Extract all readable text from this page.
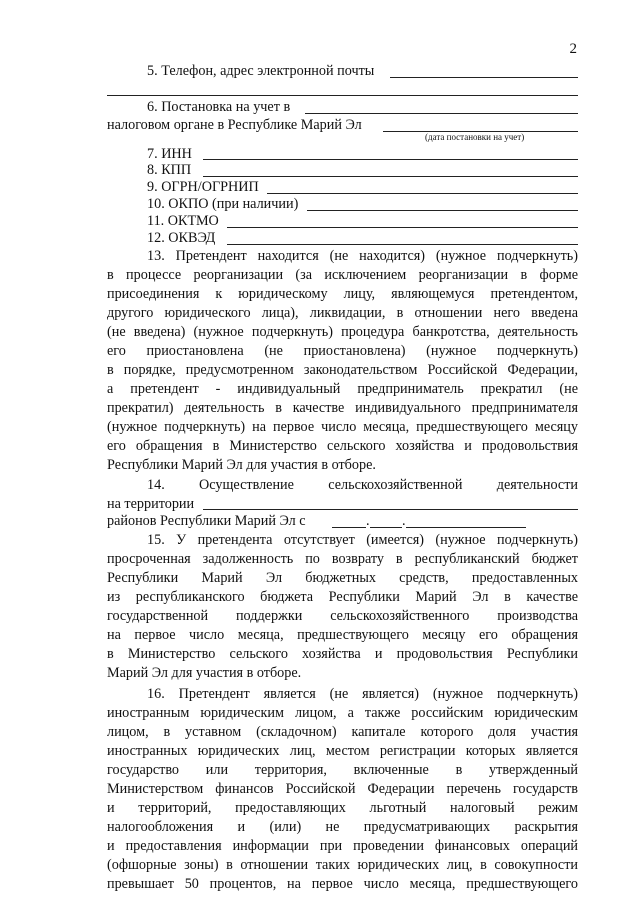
2
5. Телефон, адрес электронной почты
6. Постановка на учет в
налоговом органе в Республике Марий Эл
(дата постановки на учет)
7. ИНН
8. КПП
9. ОГРН/ОГРНИП
10. ОКПО (при наличии)
11. ОКТМО
12. ОКВЭД
13. Претендент находится (не находится) (нужное подчеркнуть)
в процессе реорганизации (за исключением реорганизации в форме
присоединения к юридическому лицу, являющемуся претендентом,
другого юридического лица), ликвидации, в отношении него введена
(не введена) (нужное подчеркнуть) процедура банкротства, деятельность
его приостановлена (не приостановлена) (нужное подчеркнуть)
в порядке, предусмотренном законодательством Российской Федерации,
а претендент - индивидуальный предприниматель прекратил (не
прекратил) деятельность в качестве индивидуального предпринимателя
(нужное подчеркнуть) на первое число месяца, предшествующего месяцу
его обращения в Министерство сельского хозяйства и продовольствия
Республики Марий Эл для участия в отборе.
14. Осуществление сельскохозяйственной деятельности
на территории
районов Республики Марий Эл с	. .
15. У претендента отсутствует (имеется) (нужное подчеркнуть)
просроченная задолженность по возврату в республиканский бюджет
Республики Марий Эл бюджетных средств, предоставленных
из республиканского бюджета Республики Марий Эл в качестве
государственной поддержки сельскохозяйственного производства
на первое число месяца, предшествующего месяцу его обращения
в Министерство сельского хозяйства и продовольствия Республики
Марий Эл для участия в отборе.
16. Претендент является (не является) (нужное подчеркнуть)
иностранным юридическим лицом, а также российским юридическим
лицом, в уставном (складочном) капитале которого доля участия
иностранных юридических лиц, местом регистрации которых является
государство или территория, включенные в утвержденный
Министерством финансов Российской Федерации перечень государств
и территорий, предоставляющих льготный налоговый режим
налогообложения и (или) не предусматривающих раскрытия
и предоставления информации при проведении финансовых операций
(офшорные зоны) в отношении таких юридических лиц, в совокупности
превышает 50 процентов, на первое число месяца, предшествующего
